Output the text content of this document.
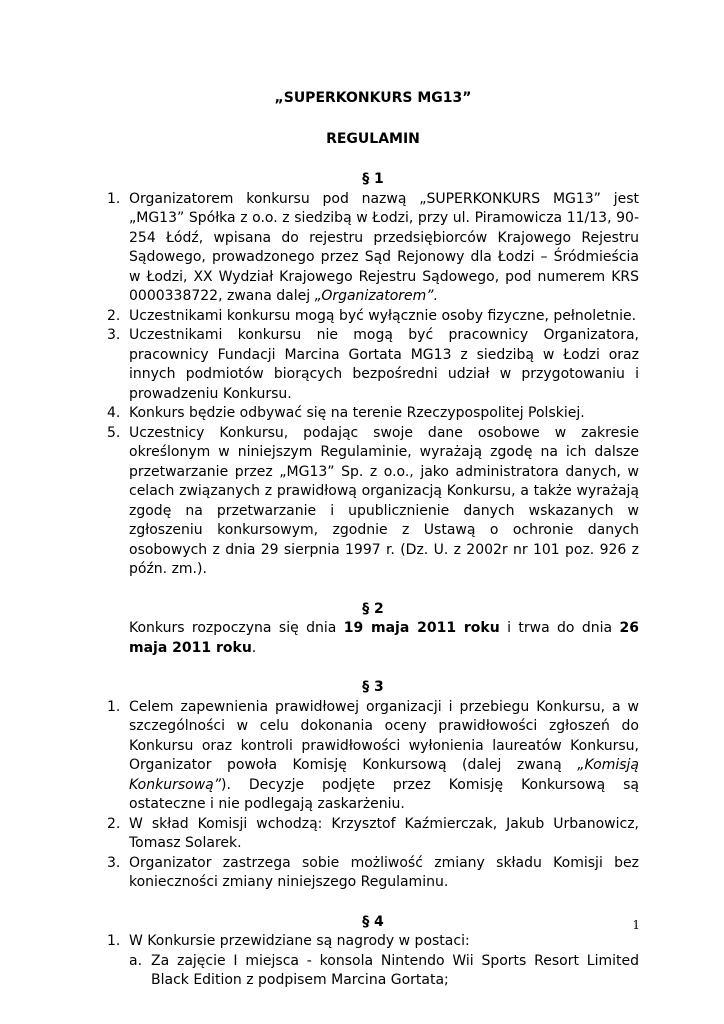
„SUPERKONKURS MG13”

REGULAMIN

§ 1

1. Organizatorem konkursu pod nazwą „SUPERKONKURS MG13” jest „MG13” Spółka z o.o. z siedzibą w Łodzi, przy ul. Piramowicza 11/13, 90-254 Łódź, wpisana do rejestru przedsiębiorców Krajowego Rejestru Sądowego, prowadzonego przez Sąd Rejonowy dla Łodzi – Śródmieścia w Łodzi, XX Wydział Krajowego Rejestru Sądowego, pod numerem KRS 0000338722, zwana dalej „Organizatorem”.
2. Uczestnikami konkursu mogą być wyłącznie osoby fizyczne, pełnoletnie.
3. Uczestnikami konkursu nie mogą być pracownicy Organizatora, pracownicy Fundacji Marcina Gortata MG13 z siedzibą w Łodzi oraz innych podmiotów biorących bezpośredni udział w przygotowaniu i prowadzeniu Konkursu.
4. Konkurs będzie odbywać się na terenie Rzeczypospolitej Polskiej.
5. Uczestnicy Konkursu, podając swoje dane osobowe w zakresie określonym w niniejszym Regulaminie, wyrażają zgodę na ich dalsze przetwarzanie przez „MG13” Sp. z o.o., jako administratora danych, w celach związanych z prawidłową organizacją Konkursu, a także wyrażają zgodę na przetwarzanie i upublicznienie danych wskazanych w zgłoszeniu konkursowym, zgodnie z Ustawą o ochronie danych osobowych z dnia 29 sierpnia 1997 r. (Dz. U. z 2002r nr 101 poz. 926 z późn. zm.).

§ 2

Konkurs rozpoczyna się dnia 19 maja 2011 roku i trwa do dnia 26 maja 2011 roku.

§ 3

1. Celem zapewnienia prawidłowej organizacji i przebiegu Konkursu, a w szczególności w celu dokonania oceny prawidłowości zgłoszeń do Konkursu oraz kontroli prawidłowości wyłonienia laureatów Konkursu, Organizator powoła Komisję Konkursową (dalej zwaną „Komisją Konkursową”). Decyzje podjęte przez Komisję Konkursową są ostateczne i nie podlegają zaskarżeniu.
2. W skład Komisji wchodzą: Krzysztof Kaźmierczak, Jakub Urbanowicz, Tomasz Solarek.
3. Organizator zastrzega sobie możliwość zmiany składu Komisji bez konieczności zmiany niniejszego Regulaminu.

§ 4

1. W Konkursie przewidziane są nagrody w postaci:
a. Za zajęcie I miejsca - konsola Nintendo Wii Sports Resort Limited Black Edition z podpisem Marcina Gortata;
1
